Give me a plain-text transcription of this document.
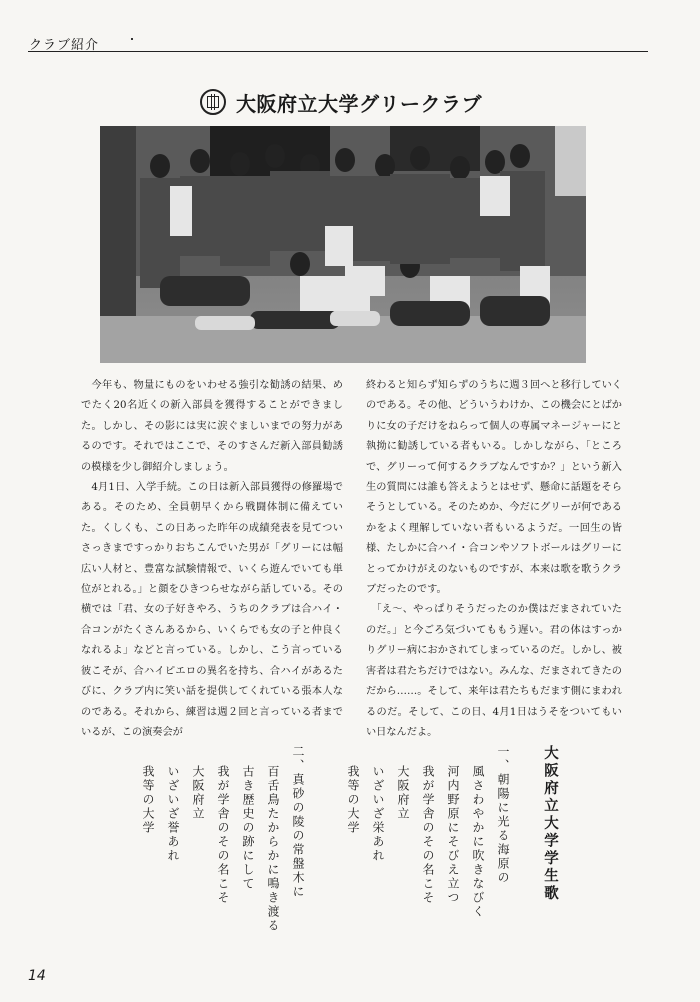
クラブ紹介
大阪府立大学グリークラブ

　今年も、物量にものをいわせる強引な勧誘の結果、めでたく20名近くの新入部員を獲得することができました。しかし、その影には実に涙ぐましいまでの努力があるのです。それではここで、そのすさんだ新入部員勧誘の模様を少し御紹介しましょう。

　4月1日、入学手続。この日は新入部員獲得の修羅場である。そのため、全員朝早くから戦闘体制に備えていた。くしくも、この日あった昨年の成績発表を見てついさっきまですっかりおちこんでいた男が「グリーには幅広い人材と、豊富な試験情報で、いくら遊んでいても単位がとれる。」と顔をひきつらせながら話している。その横では「君、女の子好きやろ、うちのクラブは合ハイ・合コンがたくさんあるから、いくらでも女の子と仲良くなれるよ」などと言っている。しかし、こう言っている彼こそが、合ハイピエロの異名を持ち、合ハイがあるたびに、クラブ内に笑い話を提供してくれている張本人なのである。それから、練習は週２回と言っている者までいるが、この演奏会が

終わると知らず知らずのうちに週３回へと移行していくのである。その他、どういうわけか、この機会にとばかりに女の子だけをねらって個人の専属マネージャーにと執拗に勧誘している者もいる。しかしながら、「ところで、グリーって何するクラブなんですか？」という新入生の質問には誰も答えようとはせず、懸命に話題をそらそうとしている。そのためか、今だにグリーが何であるかをよく理解していない者もいるようだ。一回生の皆様、たしかに合ハイ・合コンやソフトボールはグリーにとってかけがえのないものですが、本来は歌を歌うクラブだったのです。

　「え〜、やっぱりそうだったのか僕はだまされていたのだ。」と今ごろ気づいてももう遅い。君の体はすっかりグリー病におかされてしまっているのだ。しかし、被害者は君たちだけではない。みんな、だまされてきたのだから……。そして、来年は君たちもだます側にまわれるのだ。そして、この日、4月1日はうそをついてもいい日なんだよ。

大阪府立大学学生歌
一、朝陽に光る海原の
風さわやかに吹きなびく
河内野原にそびえ立つ
我が学舎のその名こそ
大阪府立
いざいざ栄あれ
我等の大学
二、真砂の陵の常盤木に
百舌鳥たからかに鳴き渡る
古き歴史の跡にして
我が学舎のその名こそ
大阪府立
いざいざ誉あれ
我等の大学
14
